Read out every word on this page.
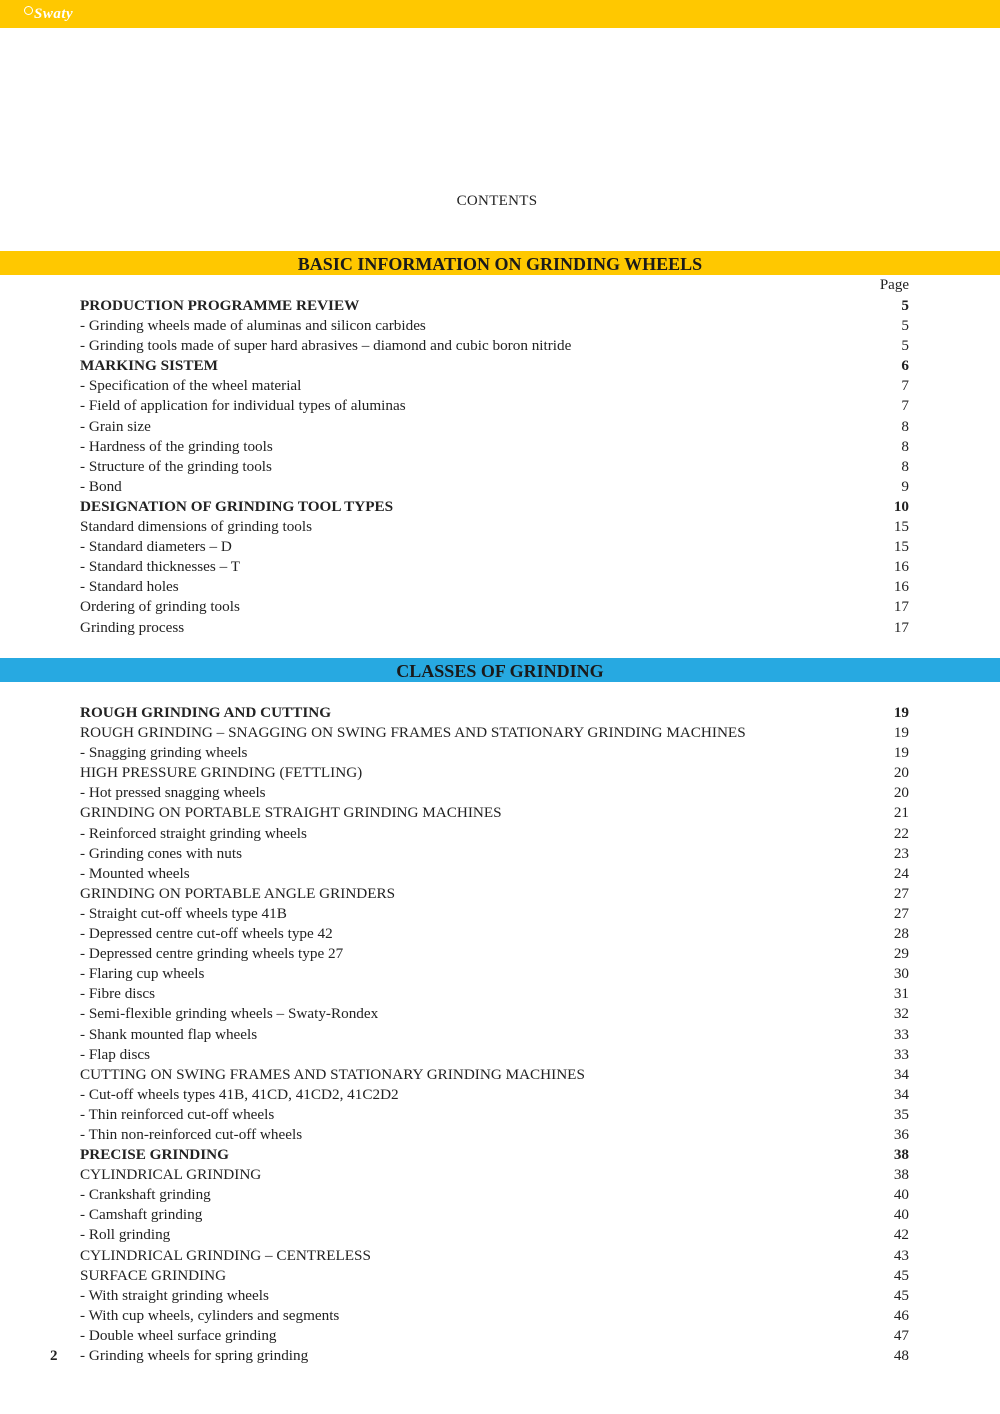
Swaty
CONTENTS
BASIC INFORMATION ON GRINDING WHEELS
Page
PRODUCTION PROGRAMME REVIEW	5
- Grinding wheels made of aluminas and silicon carbides	5
- Grinding tools made of super hard abrasives – diamond and cubic boron nitride	5
MARKING SISTEM	6
- Specification of the wheel material	7
- Field of application for individual types of aluminas	7
- Grain size	8
- Hardness of the grinding tools	8
- Structure of the grinding tools	8
- Bond	9
DESIGNATION OF GRINDING TOOL TYPES	10
Standard dimensions of grinding tools	15
- Standard diameters – D	15
- Standard thicknesses – T	16
- Standard holes	16
Ordering of grinding tools	17
Grinding process	17
CLASSES OF GRINDING
ROUGH GRINDING AND CUTTING	19
ROUGH GRINDING – SNAGGING ON SWING FRAMES AND STATIONARY GRINDING MACHINES	19
- Snagging grinding wheels	19
HIGH PRESSURE GRINDING (FETTLING)	20
- Hot pressed snagging wheels	20
GRINDING ON PORTABLE STRAIGHT GRINDING MACHINES	21
- Reinforced straight grinding wheels	22
- Grinding cones with nuts	23
- Mounted wheels	24
GRINDING ON PORTABLE ANGLE GRINDERS	27
- Straight cut-off wheels type 41B	27
- Depressed centre cut-off wheels type 42	28
- Depressed centre grinding wheels type 27	29
- Flaring cup wheels	30
- Fibre discs	31
- Semi-flexible grinding wheels – Swaty-Rondex	32
- Shank mounted flap wheels	33
- Flap discs	33
CUTTING ON SWING FRAMES AND STATIONARY GRINDING MACHINES	34
- Cut-off wheels types 41B, 41CD, 41CD2, 41C2D2	34
- Thin reinforced cut-off wheels	35
- Thin non-reinforced cut-off wheels	36
PRECISE GRINDING	38
CYLINDRICAL GRINDING	38
- Crankshaft grinding	40
- Camshaft grinding	40
- Roll grinding	42
CYLINDRICAL GRINDING – CENTRELESS	43
SURFACE GRINDING	45
- With straight grinding wheels	45
- With cup wheels, cylinders and segments	46
- Double wheel surface grinding	47
- Grinding wheels for spring grinding	48
2
